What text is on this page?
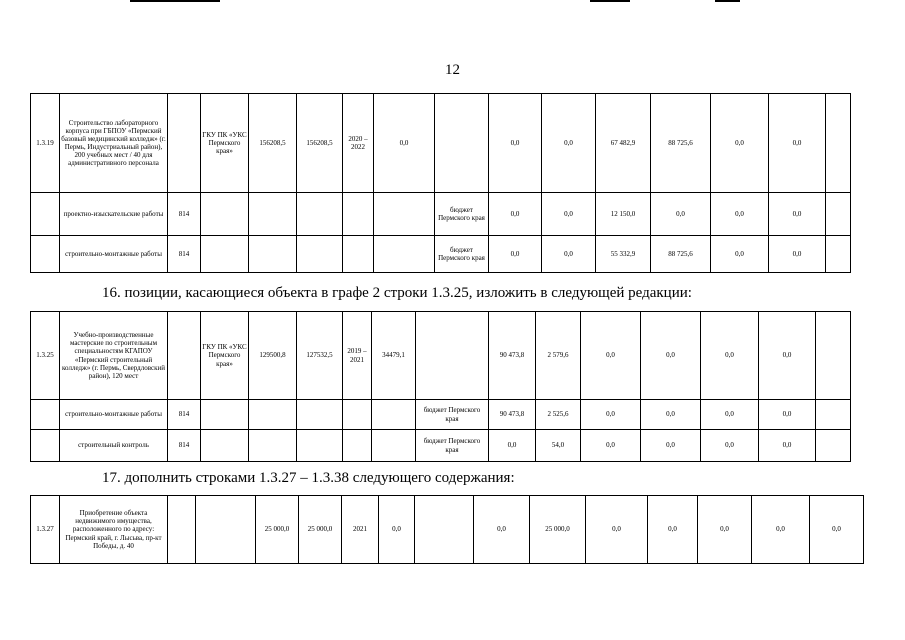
12
1.3.19	Строительство лабораторного корпуса при ГБПОУ «Пермский базовый медицинский колледж» (г. Пермь, Индустриальный район), 200 учебных мест / 40 для административного персонала		ГКУ ПК «УКС Пермского края»	156208,5	156208,5	2020 – 2022	0,0		0,0	0,0	67 482,9	88 725,6	0,0	0,0	
	проектно-изыскательские работы	814						бюджет Пермского края	0,0	0,0	12 150,0	0,0	0,0	0,0	
	строительно-монтажные работы	814						бюджет Пермского края	0,0	0,0	55 332,9	88 725,6	0,0	0,0	
16. позиции, касающиеся объекта в графе 2 строки 1.3.25, изложить в следующей редакции:
1.3.25	Учебно-производственные мастерские по строительным специальностям КГАПОУ «Пермский строительный колледж» (г. Пермь, Свердловский район), 120 мест		ГКУ ПК «УКС Пермского края»	129500,8	127532,5	2019 – 2021	34479,1		90 473,8	2 579,6	0,0	0,0	0,0	0,0	
	строительно-монтажные работы	814						бюджет Пермского края	90 473,8	2 525,6	0,0	0,0	0,0	0,0	
	строительный контроль	814						бюджет Пермского края	0,0	54,0	0,0	0,0	0,0	0,0	
17. дополнить строками 1.3.27 – 1.3.38 следующего содержания:
1.3.27	Приобретение объекта недвижимого имущества, расположенного по адресу: Пермский край, г. Лысьва, пр-кт Победы, д. 40			25 000,0	25 000,0	2021	0,0		0,0	25 000,0	0,0	0,0	0,0	0,0	0,0
